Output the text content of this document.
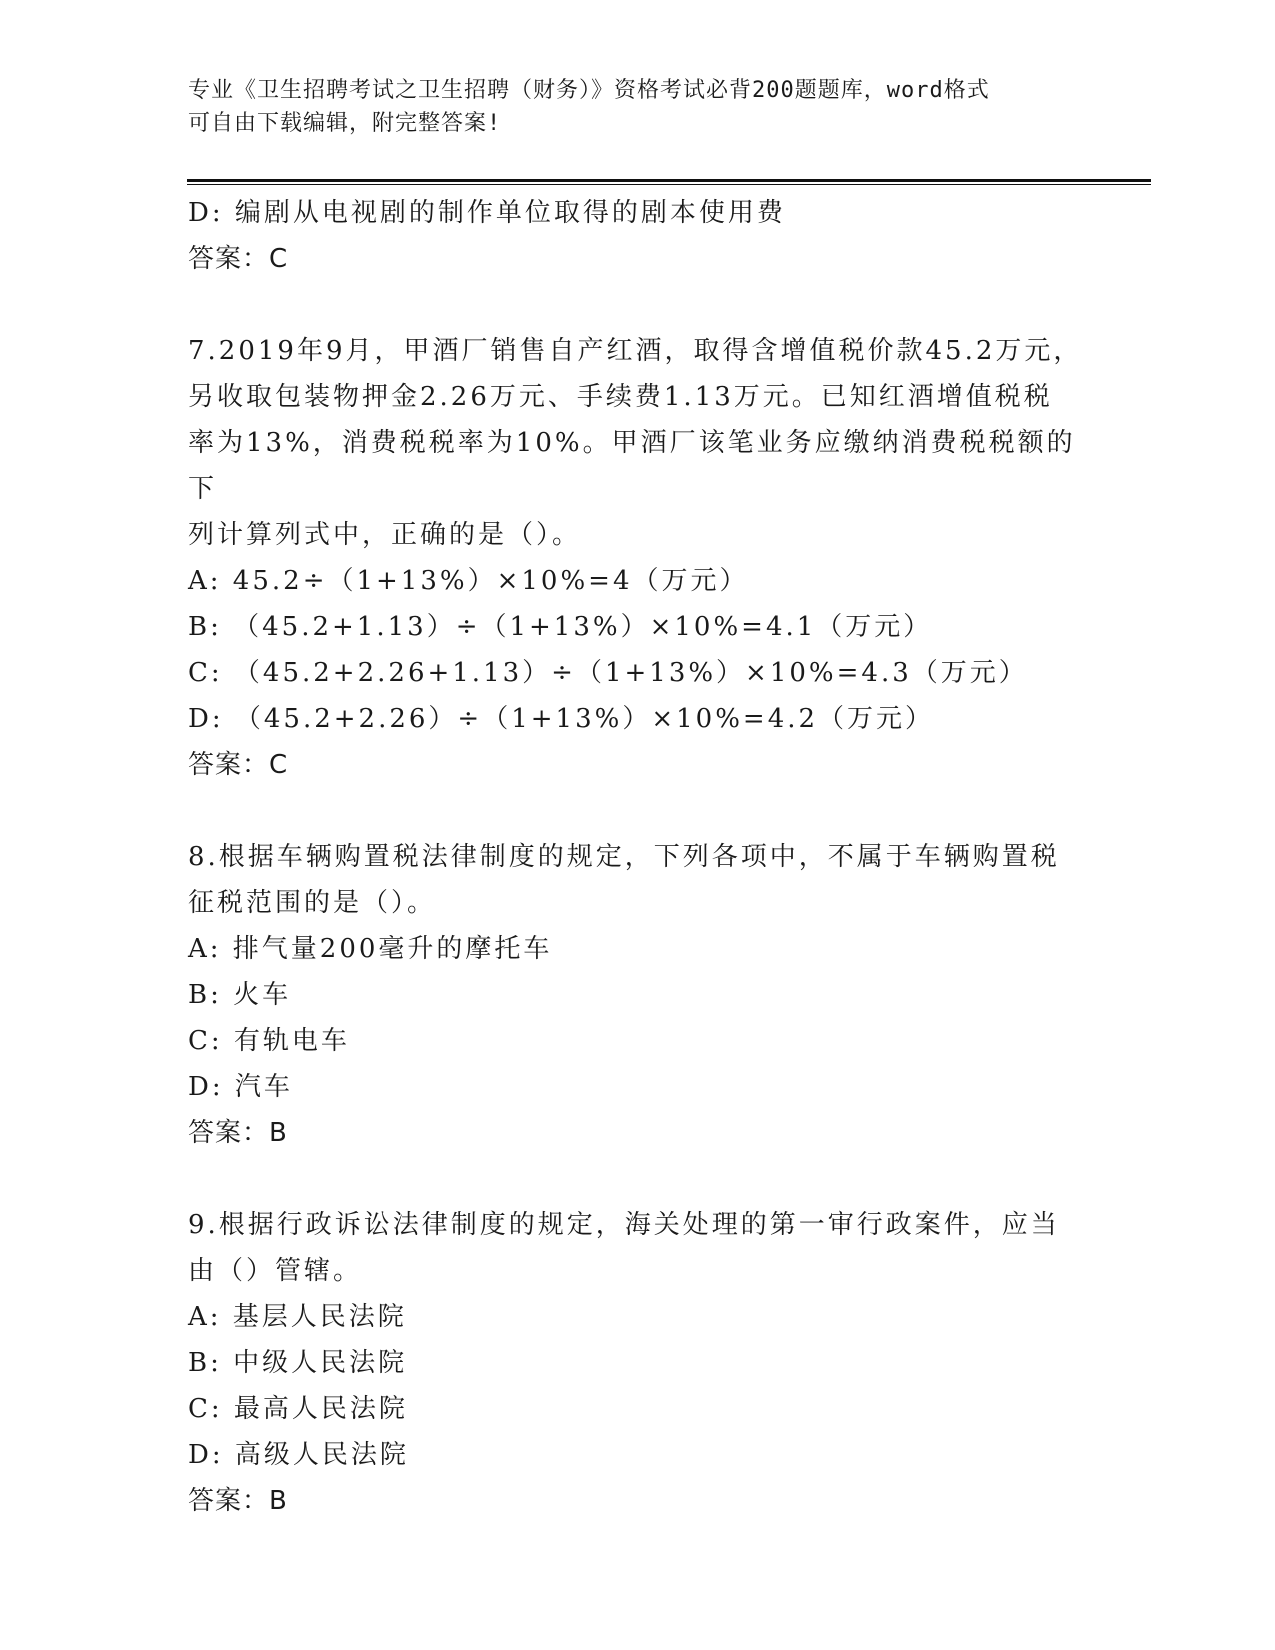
专业《卫生招聘考试之卫生招聘（财务）》资格考试必背200题题库，word格式
可自由下载编辑，附完整答案!
D: 编剧从电视剧的制作单位取得的剧本使用费
答案：C
7.2019年9月，甲酒厂销售自产红酒，取得含增值税价款45.2万元，
另收取包装物押金2.26万元、手续费1.13万元。已知红酒增值税税
率为13%，消费税税率为10%。甲酒厂该笔业务应缴纳消费税税额的下
列计算列式中，正确的是（）。
A: 45.2÷（1+13%）×10%=4（万元）
B: （45.2+1.13）÷（1+13%）×10%=4.1（万元）
C: （45.2+2.26+1.13）÷（1+13%）×10%=4.3（万元）
D: （45.2+2.26）÷（1+13%）×10%=4.2（万元）
答案：C
8.根据车辆购置税法律制度的规定，下列各项中，不属于车辆购置税
征税范围的是（）。
A: 排气量200毫升的摩托车
B: 火车
C: 有轨电车
D: 汽车
答案：B
9.根据行政诉讼法律制度的规定，海关处理的第一审行政案件，应当
由（）管辖。
A: 基层人民法院
B: 中级人民法院
C: 最高人民法院
D: 高级人民法院
答案：B
